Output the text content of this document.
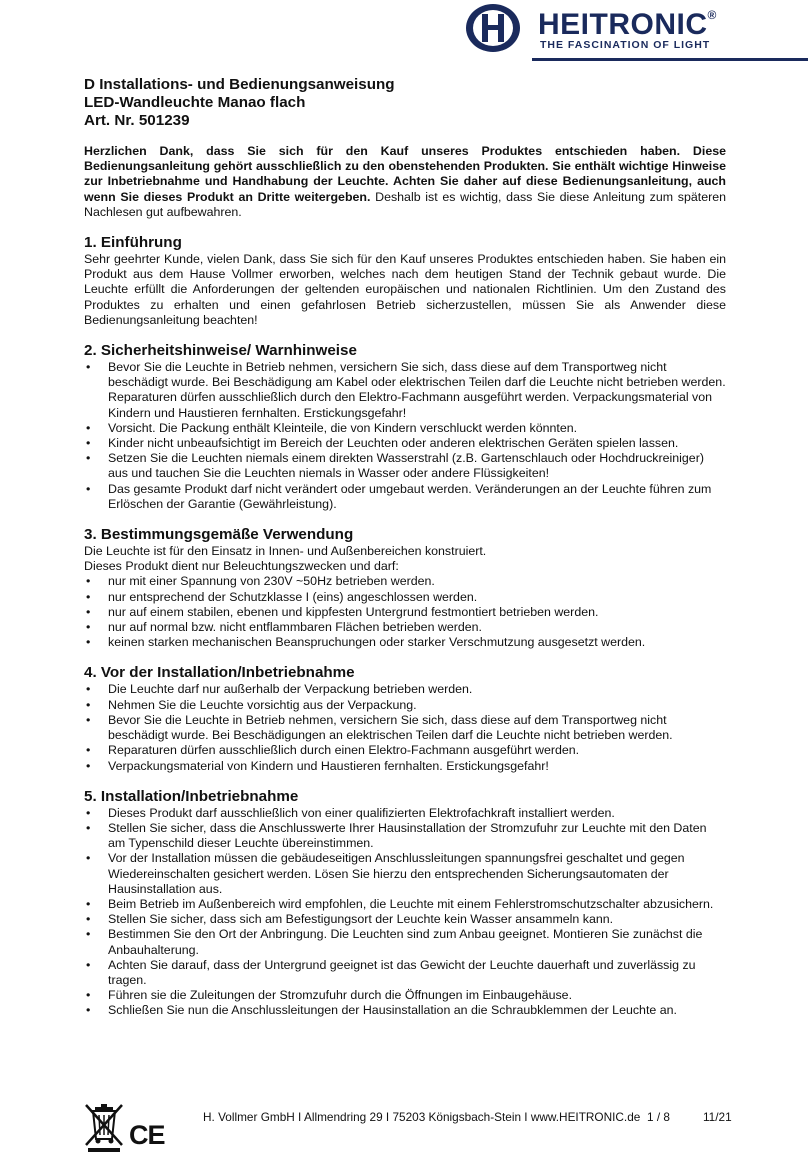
HEITRONIC®
THE FASCINATION OF LIGHT

D Installations- und Bedienungsanweisung

LED-Wandleuchte Manao flach

Art. Nr. 501239

Herzlichen Dank, dass Sie sich für den Kauf unseres Produktes entschieden haben. Diese Bedienungsanleitung gehört ausschließlich zu den obenstehenden Produkten. Sie enthält wichtige Hinweise zur Inbetriebnahme und Handhabung der Leuchte. Achten Sie daher auf diese Bedienungsanleitung, auch wenn Sie dieses Produkt an Dritte weitergeben. Deshalb ist es wichtig, dass Sie diese Anleitung zum späteren Nachlesen gut aufbewahren.

1. Einführung

Sehr geehrter Kunde, vielen Dank, dass Sie sich für den Kauf unseres Produktes entschieden haben. Sie haben ein Produkt aus dem Hause Vollmer erworben, welches nach dem heutigen Stand der Technik gebaut wurde. Die Leuchte erfüllt die Anforderungen der geltenden europäischen und nationalen Richtlinien. Um den Zustand des Produktes zu erhalten und einen gefahrlosen Betrieb sicherzustellen, müssen Sie als Anwender diese Bedienungsanleitung beachten!

2. Sicherheitshinweise/ Warnhinweise
• Bevor Sie die Leuchte in Betrieb nehmen, versichern Sie sich, dass diese auf dem Transportweg nicht beschädigt wurde. Bei Beschädigung am Kabel oder elektrischen Teilen darf die Leuchte nicht betrieben werden. Reparaturen dürfen ausschließlich durch den Elektro-Fachmann ausgeführt werden. Verpackungsmaterial von Kindern und Haustieren fernhalten. Erstickungsgefahr!
• Vorsicht. Die Packung enthält Kleinteile, die von Kindern verschluckt werden könnten.
• Kinder nicht unbeaufsichtigt im Bereich der Leuchten oder anderen elektrischen Geräten spielen lassen.
• Setzen Sie die Leuchten niemals einem direkten Wasserstrahl (z.B. Gartenschlauch oder Hochdruckreiniger) aus und tauchen Sie die Leuchten niemals in Wasser oder andere Flüssigkeiten!
• Das gesamte Produkt darf nicht verändert oder umgebaut werden. Veränderungen an der Leuchte führen zum Erlöschen der Garantie (Gewährleistung).
3. Bestimmungsgemäße Verwendung

Die Leuchte ist für den Einsatz in Innen- und Außenbereichen konstruiert.

Dieses Produkt dient nur Beleuchtungszwecken und darf:

• nur mit einer Spannung von 230V ~50Hz betrieben werden.
• nur entsprechend der Schutzklasse I (eins) angeschlossen werden.
• nur auf einem stabilen, ebenen und kippfesten Untergrund festmontiert betrieben werden.
• nur auf normal bzw. nicht entflammbaren Flächen betrieben werden.
• keinen starken mechanischen Beanspruchungen oder starker Verschmutzung ausgesetzt werden.
4. Vor der Installation/Inbetriebnahme
• Die Leuchte darf nur außerhalb der Verpackung betrieben werden.
• Nehmen Sie die Leuchte vorsichtig aus der Verpackung.
• Bevor Sie die Leuchte in Betrieb nehmen, versichern Sie sich, dass diese auf dem Transportweg nicht beschädigt wurde. Bei Beschädigungen an elektrischen Teilen darf die Leuchte nicht betrieben werden.
• Reparaturen dürfen ausschließlich durch einen Elektro-Fachmann ausgeführt werden.
• Verpackungsmaterial von Kindern und Haustieren fernhalten. Erstickungsgefahr!
5. Installation/Inbetriebnahme
• Dieses Produkt darf ausschließlich von einer qualifizierten Elektrofachkraft installiert werden.
• Stellen Sie sicher, dass die Anschlusswerte Ihrer Hausinstallation der Stromzufuhr zur Leuchte mit den Daten am Typenschild dieser Leuchte übereinstimmen.
• Vor der Installation müssen die gebäudeseitigen Anschlussleitungen spannungsfrei geschaltet und gegen Wiedereinschalten gesichert werden. Lösen Sie hierzu den entsprechenden Sicherungsautomaten der Hausinstallation aus.
• Beim Betrieb im Außenbereich wird empfohlen, die Leuchte mit einem Fehlerstromschutzschalter abzusichern.
• Stellen Sie sicher, dass sich am Befestigungsort der Leuchte kein Wasser ansammeln kann.
• Bestimmen Sie den Ort der Anbringung. Die Leuchten sind zum Anbau geeignet. Montieren Sie zunächst die Anbauhalterung.
• Achten Sie darauf, dass der Untergrund geeignet ist das Gewicht der Leuchte dauerhaft und zuverlässig zu tragen.
• Führen sie die Zuleitungen der Stromzufuhr durch die Öffnungen im Einbaugehäuse.
• Schließen Sie nun die Anschlussleitungen der Hausinstallation an die Schraubklemmen der Leuchte an.
CE
H. Vollmer GmbH I Allmendring 29 I 75203 Königsbach-Stein I www.HEITRONIC.de 1 / 8	11/21
